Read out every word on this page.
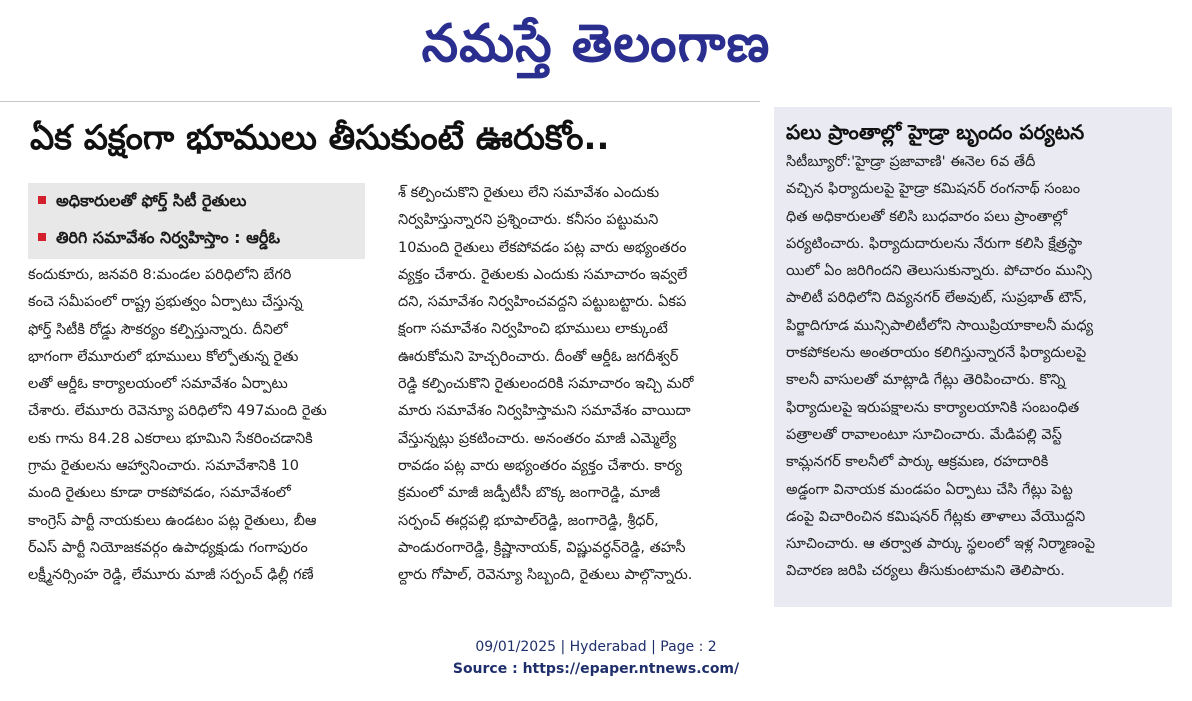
నమస్తే తెలంగాణ
ఏక పక్షంగా భూములు తీసుకుంటే ఊరుకోం..
అధికారులతో ఫోర్త్ సిటీ రైతులు
తిరిగి సమావేశం నిర్వహిస్తాం : ఆర్డీఓ

కందుకూరు, జనవరి 8:మండల పరిధిలోని బేగరి

కంచె సమీపంలో రాష్ట్ర ప్రభుత్వం ఏర్పాటు చేస్తున్న

ఫోర్త్ సిటీకి రోడ్డు సౌకర్యం కల్పిస్తున్నారు. దీనిలో

భాగంగా లేమూరులో భూములు కోల్పోతున్న రైతు

లతో ఆర్డీఓ కార్యాలయంలో సమావేశం ఏర్పాటు

చేశారు. లేమూరు రెవెన్యూ పరిధిలోని 497మంది రైతు

లకు గాను 84.28 ఎకరాలు భూమిని సేకరించడానికి

గ్రామ రైతులను ఆహ్వానించారు. సమావేశానికి 10

మంది రైతులు కూడా రాకపోవడం, సమావేశంలో

కాంగ్రెస్ పార్టీ నాయకులు ఉండటం పట్ల రైతులు, బీఆ

ర్ఎస్ పార్టీ నియోజకవర్గం ఉపాధ్యక్షుడు గంగాపురం

లక్ష్మీనర్సింహ రెడ్డి, లేమూరు మాజీ సర్పంచ్ ఢిల్లీ గణే

శ్ కల్పించుకొని రైతులు లేని సమావేశం ఎందుకు

నిర్వహిస్తున్నారని ప్రశ్నించారు. కనీసం పట్టుమని

10మంది రైతులు లేకపోవడం పట్ల వారు అభ్యంతరం

వ్యక్తం చేశారు. రైతులకు ఎందుకు సమాచారం ఇవ్వలే

దని, సమావేశం నిర్వహించవద్దని పట్టుబట్టారు. ఏకప

క్షంగా సమావేశం నిర్వహించి భూములు లాక్కుంటే

ఊరుకోమని హెచ్చరించారు. దీంతో ఆర్డీఓ జగదీశ్వర్

రెడ్డి కల్పించుకొని రైతులందరికి సమాచారం ఇచ్చి మరో

మారు సమావేశం నిర్వహిస్తామని సమావేశం వాయిదా

వేస్తున్నట్లు ప్రకటించారు. అనంతరం మాజీ ఎమ్మెల్యే

రావడం పట్ల వారు అభ్యంతరం వ్యక్తం చేశారు. కార్య

క్రమంలో మాజీ జడ్పీటీసీ బొక్క జంగారెడ్డి, మాజీ

సర్పంచ్ ఈర్లపల్లి భూపాల్‌రెడ్డి, జంగారెడ్డి, శ్రీధర్,

పాండురంగారెడ్డి, క్రిష్ణానాయక్, విష్ణువర్ధన్‌రెడ్డి, తహసీ

ల్దారు గోపాల్, రెవెన్యూ సిబ్బంది, రైతులు పాల్గొన్నారు.

పలు ప్రాంతాల్లో హైడ్రా బృందం పర్యటన

సిటీబ్యూరో:'హైడ్రా ప్రజావాణి' ఈనెల 6వ తేదీ

వచ్చిన ఫిర్యాదులపై హైడ్రా కమిషనర్ రంగనాథ్ సంబం

ధిత అధికారులతో కలిసి బుధవారం పలు ప్రాంతాల్లో

పర్యటించారు. ఫిర్యాదుదారులను నేరుగా కలిసి క్షేత్రస్థా

యిలో ఏం జరిగిందని తెలుసుకున్నారు. పోచారం మున్సి

పాలిటీ పరిధిలోని దివ్యనగర్ లేఅవుట్, సుప్రభాత్ టౌన్,

పిర్జాదిగూడ మున్సిపాలిటీలోని సాయిప్రియాకాలనీ మధ్య

రాకపోకలను అంతరాయం కలిగిస్తున్నారనే ఫిర్యాదులపై

కాలనీ వాసులతో మాట్లాడి గేట్లు తెరిపించారు. కొన్ని

ఫిర్యాదులపై ఇరుపక్షాలను కార్యాలయానికి సంబంధిత

పత్రాలతో రావాలంటూ సూచించారు. మేడిపల్లి వెస్ట్

కామ్లనగర్ కాలనీలో పార్కు ఆక్రమణ, రహదారికి

అడ్డంగా వినాయక మండపం ఏర్పాటు చేసి గేట్లు పెట్ట

డంపై విచారించిన కమిషనర్ గేట్లకు తాళాలు వేయొద్దని

సూచించారు. ఆ తర్వాత పార్కు స్థలంలో ఇళ్ల నిర్మాణంపై

విచారణ జరిపి చర్యలు తీసుకుంటామని తెలిపారు.

09/01/2025 | Hyderabad | Page : 2
Source : https://epaper.ntnews.com/
